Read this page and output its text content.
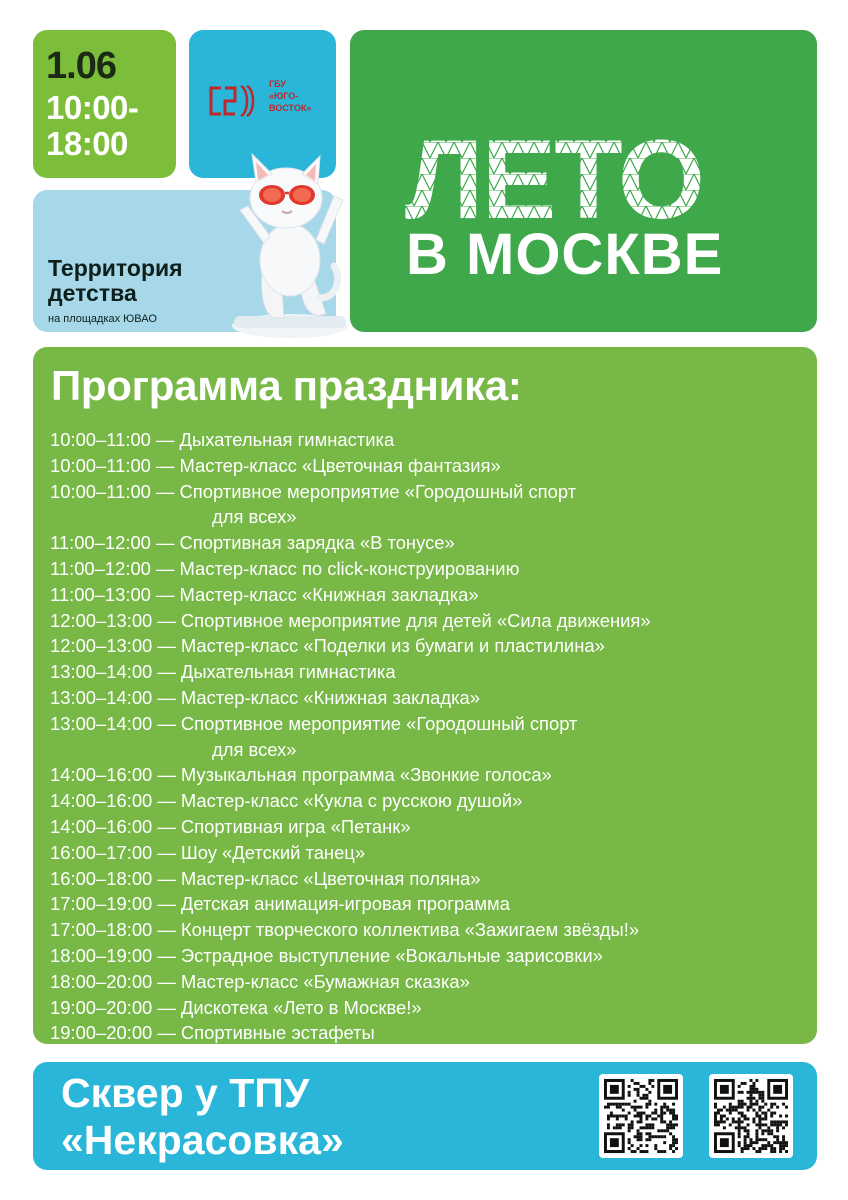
1.06
10:00-
18:00
ГБУ
«ЮГО-
ВОСТОК»
Территория
детства
на площадках ЮВАО
ЛЕТО
В МОСКВЕ
Программа праздника:
10:00–11:00 — Дыхательная гимнастика
10:00–11:00 — Мастер-класс «Цветочная фантазия»
10:00–11:00 — Спортивное мероприятие «Городошный спорт
для всех»
11:00–12:00 — Спортивная зарядка «В тонусе»
11:00–12:00 — Мастер-класс по click-конструированию
11:00–13:00 — Мастер-класс «Книжная закладка»
12:00–13:00 — Спортивное мероприятие для детей «Сила движения»
12:00–13:00 — Мастер-класс «Поделки из бумаги и пластилина»
13:00–14:00 — Дыхательная гимнастика
13:00–14:00 — Мастер-класс «Книжная закладка»
13:00–14:00 — Спортивное мероприятие «Городошный спорт
для всех»
14:00–16:00 — Музыкальная программа «Звонкие голоса»
14:00–16:00 — Мастер-класс «Кукла с русскою душой»
14:00–16:00 — Спортивная игра «Петанк»
16:00–17:00 — Шоу «Детский танец»
16:00–18:00 — Мастер-класс «Цветочная поляна»
17:00–19:00 — Детская анимация-игровая программа
17:00–18:00 — Концерт творческого коллектива «Зажигаем звёзды!»
18:00–19:00 — Эстрадное выступление «Вокальные зарисовки»
18:00–20:00 — Мастер-класс «Бумажная сказка»
19:00–20:00 — Дискотека «Лето в Москве!»
19:00–20:00 — Спортивные эстафеты
Сквер у ТПУ
«Некрасовка»
